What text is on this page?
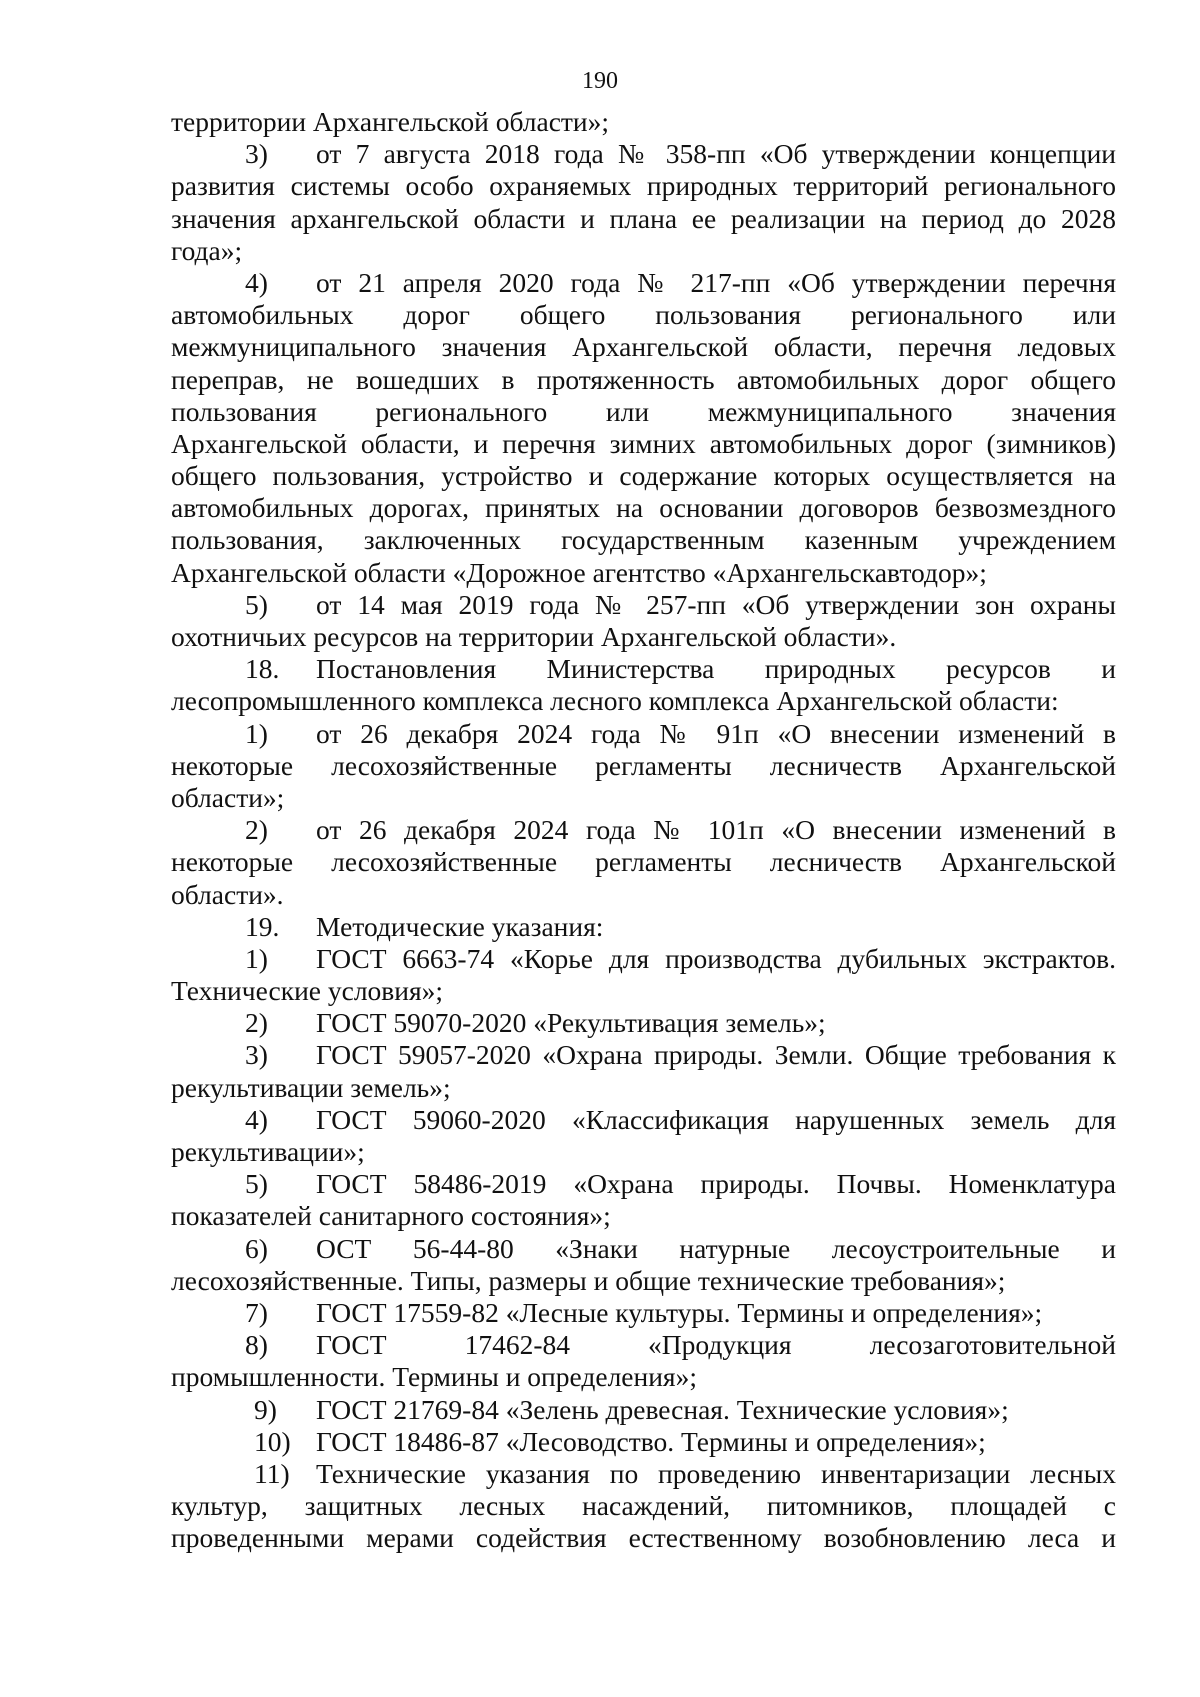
190
территории Архангельской области»;
3) от 7 августа 2018 года № 358-пп «Об утверждении концепции
развития системы особо охраняемых природных территорий регионального
значения архангельской области и плана ее реализации на период до 2028
года»;
4) от 21 апреля 2020 года № 217-пп «Об утверждении перечня
автомобильных дорог общего пользования регионального или
межмуниципального значения Архангельской области, перечня ледовых
переправ, не вошедших в протяженность автомобильных дорог общего
пользования регионального или межмуниципального значения
Архангельской области, и перечня зимних автомобильных дорог (зимников)
общего пользования, устройство и содержание которых осуществляется на
автомобильных дорогах, принятых на основании договоров безвозмездного
пользования, заключенных государственным казенным учреждением
Архангельской области «Дорожное агентство «Архангельскавтодор»;
5) от 14 мая 2019 года № 257-пп «Об утверждении зон охраны
охотничьих ресурсов на территории Архангельской области».
18. Постановления Министерства природных ресурсов и
лесопромышленного комплекса лесного комплекса Архангельской области:
1) от 26 декабря 2024 года № 91п «О внесении изменений в
некоторые лесохозяйственные регламенты лесничеств Архангельской
области»;
2) от 26 декабря 2024 года № 101п «О внесении изменений в
некоторые лесохозяйственные регламенты лесничеств Архангельской
области».
19. Методические указания:
1) ГОСТ 6663-74 «Корье для производства дубильных экстрактов.
Технические условия»;
2) ГОСТ 59070-2020 «Рекультивация земель»;
3) ГОСТ 59057-2020 «Охрана природы. Земли. Общие требования к
рекультивации земель»;
4) ГОСТ 59060-2020 «Классификация нарушенных земель для
рекультивации»;
5) ГОСТ 58486-2019 «Охрана природы. Почвы. Номенклатура
показателей санитарного состояния»;
6) ОСТ 56-44-80 «Знаки натурные лесоустроительные и
лесохозяйственные. Типы, размеры и общие технические требования»;
7) ГОСТ 17559-82 «Лесные культуры. Термины и определения»;
8) ГОСТ 17462-84 «Продукция лесозаготовительной
промышленности. Термины и определения»;
9) ГОСТ 21769-84 «Зелень древесная. Технические условия»;
10) ГОСТ 18486-87 «Лесоводство. Термины и определения»;
11) Технические указания по проведению инвентаризации лесных
культур, защитных лесных насаждений, питомников, площадей с
проведенными мерами содействия естественному возобновлению леса и
